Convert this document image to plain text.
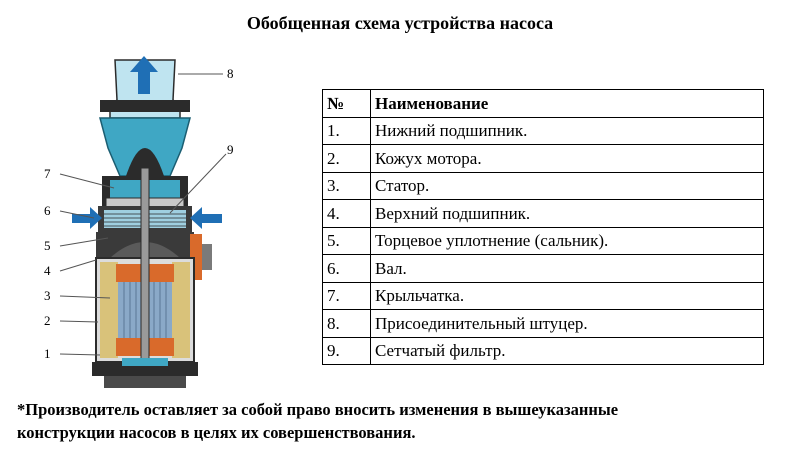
Обобщенная схема устройства насоса
1
2
3
4
5
6
7
8
9
№	Наименование
1.	Нижний подшипник.
2.	Кожух мотора.
3.	Статор.
4.	Верхний подшипник.
5.	Торцевое уплотнение (сальник).
6.	Вал.
7.	Крыльчатка.
8.	Присоединительный штуцер.
9.	Сетчатый фильтр.
*Производитель оставляет за собой право вносить изменения в вышеуказанные
конструкции насосов в целях их совершенствования.
